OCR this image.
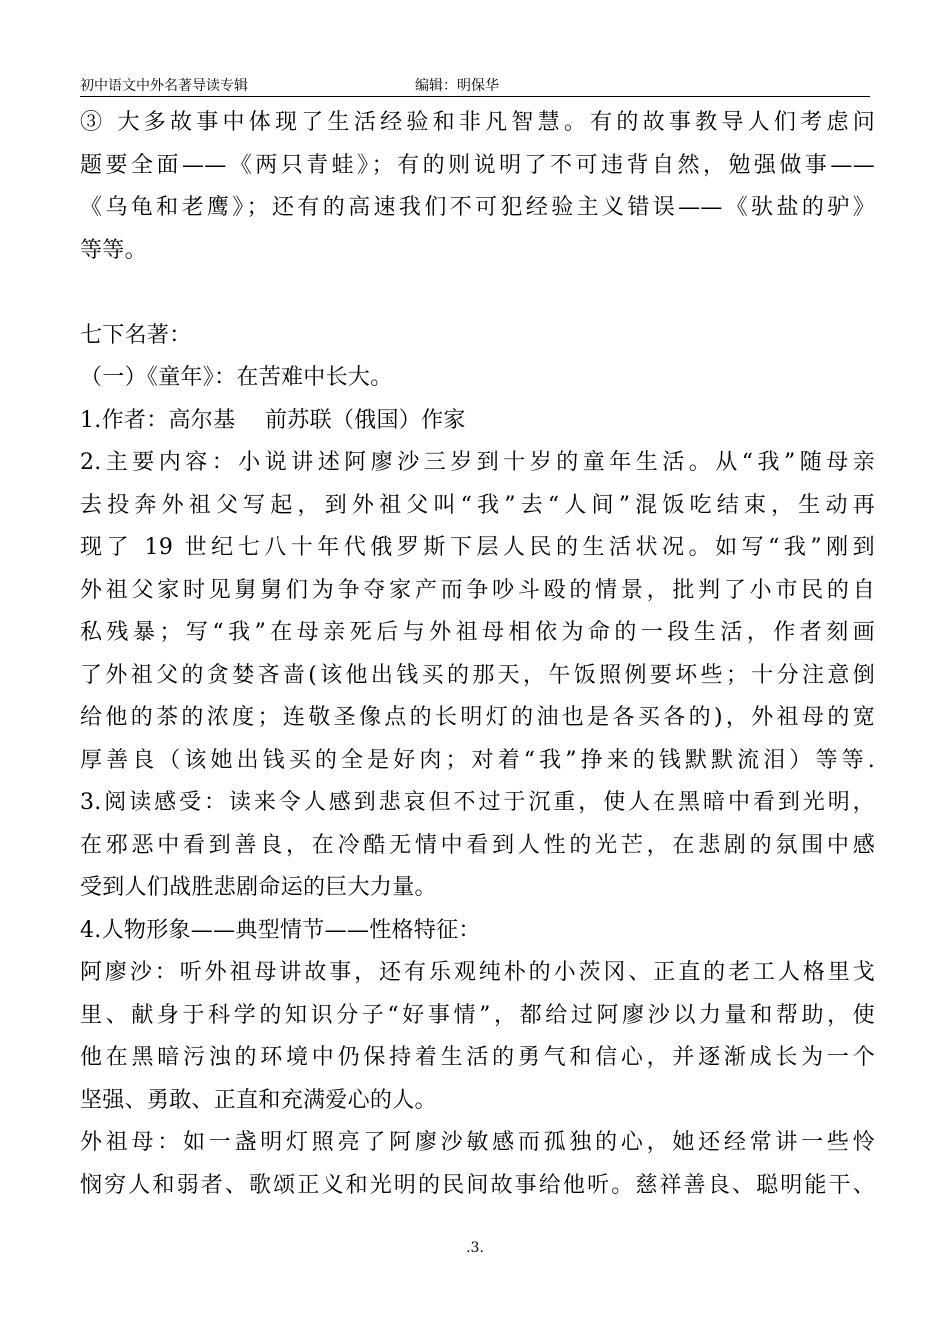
初中语文中外名著导读专辑	编辑：明保华
③ 大多故事中体现了生活经验和非凡智慧。有的故事教导人们考虑问
题要全面——《两只青蛙》；有的则说明了不可违背自然，勉强做事——
《乌龟和老鹰》；还有的高速我们不可犯经验主义错误——《驮盐的驴》
等等。
七下名著：
（一）《童年》：在苦难中长大。
1.作者：高尔基　 前苏联（俄国）作家
2.主要内容：小说讲述阿廖沙三岁到十岁的童年生活。从“我”随母亲
去投奔外祖父写起，到外祖父叫“我”去“人间”混饭吃结束，生动再
现了 19 世纪七八十年代俄罗斯下层人民的生活状况。如写“我”刚到
外祖父家时见舅舅们为争夺家产而争吵斗殴的情景，批判了小市民的自
私残暴；写“我”在母亲死后与外祖母相依为命的一段生活，作者刻画
了外祖父的贪婪吝啬(该他出钱买的那天，午饭照例要坏些；十分注意倒
给他的茶的浓度；连敬圣像点的长明灯的油也是各买各的)，外祖母的宽
厚善良（该她出钱买的全是好肉；对着“我”挣来的钱默默流泪）等等.
3.阅读感受：读来令人感到悲哀但不过于沉重，使人在黑暗中看到光明，
在邪恶中看到善良，在冷酷无情中看到人性的光芒，在悲剧的氛围中感
受到人们战胜悲剧命运的巨大力量。
4.人物形象——典型情节——性格特征：
阿廖沙：听外祖母讲故事，还有乐观纯朴的小茨冈、正直的老工人格里戈
里、献身于科学的知识分子“好事情”，都给过阿廖沙以力量和帮助，使
他在黑暗污浊的环境中仍保持着生活的勇气和信心，并逐渐成长为一个
坚强、勇敢、正直和充满爱心的人。
外祖母：如一盏明灯照亮了阿廖沙敏感而孤独的心，她还经常讲一些怜
悯穷人和弱者、歌颂正义和光明的民间故事给他听。慈祥善良、聪明能干、
.3.
